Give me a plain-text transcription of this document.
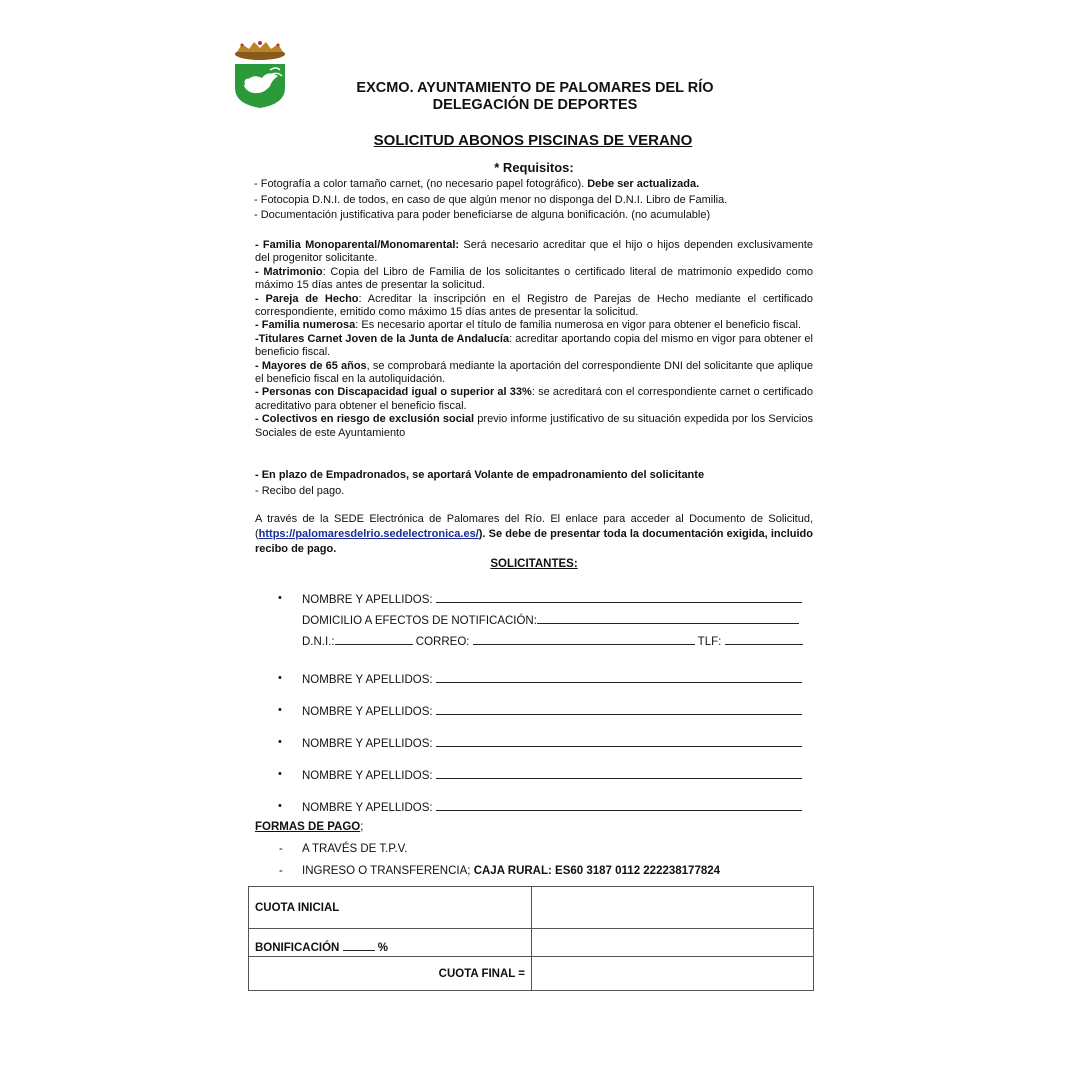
EXCMO. AYUNTAMIENTO DE PALOMARES DEL RÍO
DELEGACIÓN DE DEPORTES
SOLICITUD ABONOS PISCINAS DE VERANO
* Requisitos:
- Fotografía a color tamaño carnet, (no necesario papel fotográfico). Debe ser actualizada.
- Fotocopia D.N.I. de todos, en caso de que algún menor no disponga del D.N.I. Libro de Familia.
- Documentación justificativa para poder beneficiarse de alguna bonificación. (no acumulable)

- Familia Monoparental/Monomarental: Será necesario acreditar que el hijo o hijos dependen exclusivamente del progenitor solicitante.

- Matrimonio: Copia del Libro de Familia de los solicitantes o certificado literal de matrimonio expedido como máximo 15 días antes de presentar la solicitud.

- Pareja de Hecho: Acreditar la inscripción en el Registro de Parejas de Hecho mediante el certificado correspondiente, emitido como máximo 15 días antes de presentar la solicitud.

- Familia numerosa: Es necesario aportar el título de familia numerosa en vigor para obtener el beneficio fiscal.

-Titulares Carnet Joven de la Junta de Andalucía: acreditar aportando copia del mismo en vigor para obtener el beneficio fiscal.

- Mayores de 65 años, se comprobará mediante la aportación del correspondiente DNI del solicitante que aplique el beneficio fiscal en la autoliquidación.

- Personas con Discapacidad igual o superior al 33%: se acreditará con el correspondiente carnet o certificado acreditativo para obtener el beneficio fiscal.

- Colectivos en riesgo de exclusión social previo informe justificativo de su situación expedida por los Servicios Sociales de este Ayuntamiento

- En plazo de Empadronados, se aportará Volante de empadronamiento del solicitante
- Recibo del pago.
A través de la SEDE Electrónica de Palomares del Río. El enlace para acceder al Documento de Solicitud, (https://palomaresdelrio.sedelectronica.es/). Se debe de presentar toda la documentación exigida, incluido recibo de pago.
SOLICITANTES:
• NOMBRE Y APELLIDOS:
DOMICILIO A EFECTOS DE NOTIFICACIÓN:
D.N.I.:	CORREO:	TLF:
• NOMBRE Y APELLIDOS:
• NOMBRE Y APELLIDOS:
• NOMBRE Y APELLIDOS:
• NOMBRE Y APELLIDOS:
• NOMBRE Y APELLIDOS:
FORMAS DE PAGO;
- A TRAVÉS DE T.P.V.
- INGRESO O TRANSFERENCIA; CAJA RURAL: ES60 3187 0112 222238177824
CUOTA INICIAL	
BONIFICACIÓN %	
CUOTA FINAL =	
